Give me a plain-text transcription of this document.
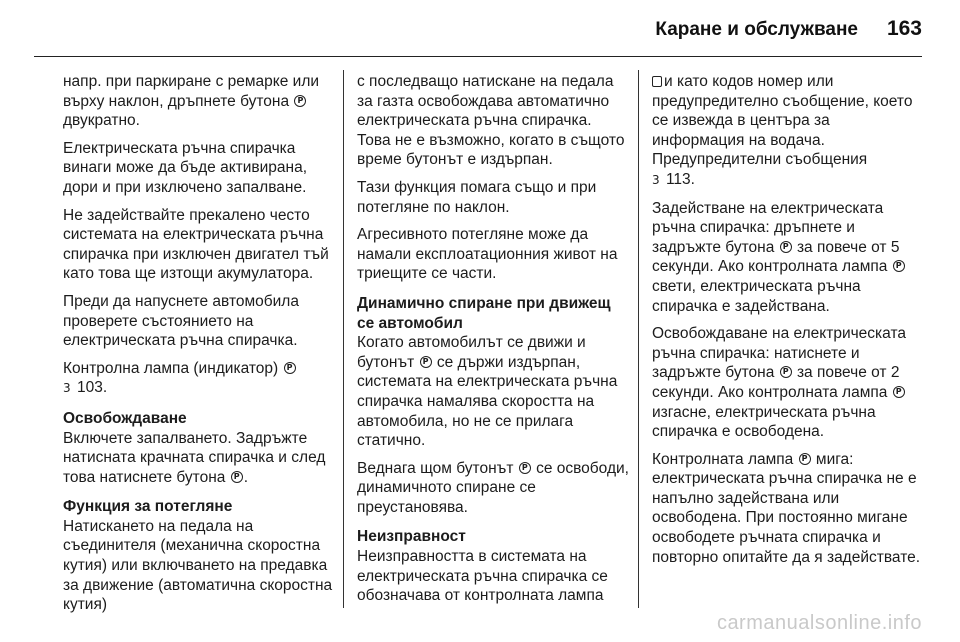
Каране и обслужване 163

напр. при паркиране с ремарке или върху наклон, дръпнете бутона P
двукратно.

Електрическата ръчна спирачка винаги може да бъде активирана, дори и при изключено запалване.

Не задействайте прекалено често системата на електрическата ръчна спирачка при изключен двигател тъй като това ще изтощи акумулатора.

Преди да напуснете автомобила проверете състоянието на електрическата ръчна спирачка.

Контролна лампа (индикатор) P
3 103.

Освобождаване

Включете запалването. Задръжте натисната крачната спирачка и след това натиснете бутона P .

Функция за потегляне

Натискането на педала на съединителя (механична скоростна кутия) или включването на предавка за движение (автоматична скоростна кутия)

с последващо натискане на педала за газта освобождава автоматично електрическата ръчна спирачка. Това не е възможно, когато в същото време бутонът е издърпан.

Тази функция помага също и при потегляне по наклон.

Агресивното потегляне може да намали експлоатационния живот на триещите се части.

Динамично спиране при движещ се автомобил

Когато автомобилът се движи и бутонът P се държи издърпан, системата на електрическата ръчна спирачка намалява скоростта на автомобила, но не се прилага статично.

Веднага щом бутонът P се освободи, динамичното спиране се преустановява.

Неизправност

Неизправността в системата на електрическата ръчна спирачка се обозначава от контролната лампа

и като кодов номер или предупредително съобщение, което се извежда в центъра за информация на водача. Предупредителни съобщения
3 113.

Задействане на електрическата ръчна спирачка: дръпнете и задръжте бутона P за повече от 5 секунди. Ако контролната лампа P свети, електрическата ръчна спирачка е задействана.

Освобождаване на електрическата ръчна спирачка: натиснете и задръжте бутона P за повече от 2 секунди. Ако контролната лампа P изгасне, електрическата ръчна спирачка е освободена.

Контролната лампа P мига: електрическата ръчна спирачка не е напълно задействана или освободена. При постоянно мигане освободете ръчната спирачка и повторно опитайте да я задействате.

carmanualsonline.info
